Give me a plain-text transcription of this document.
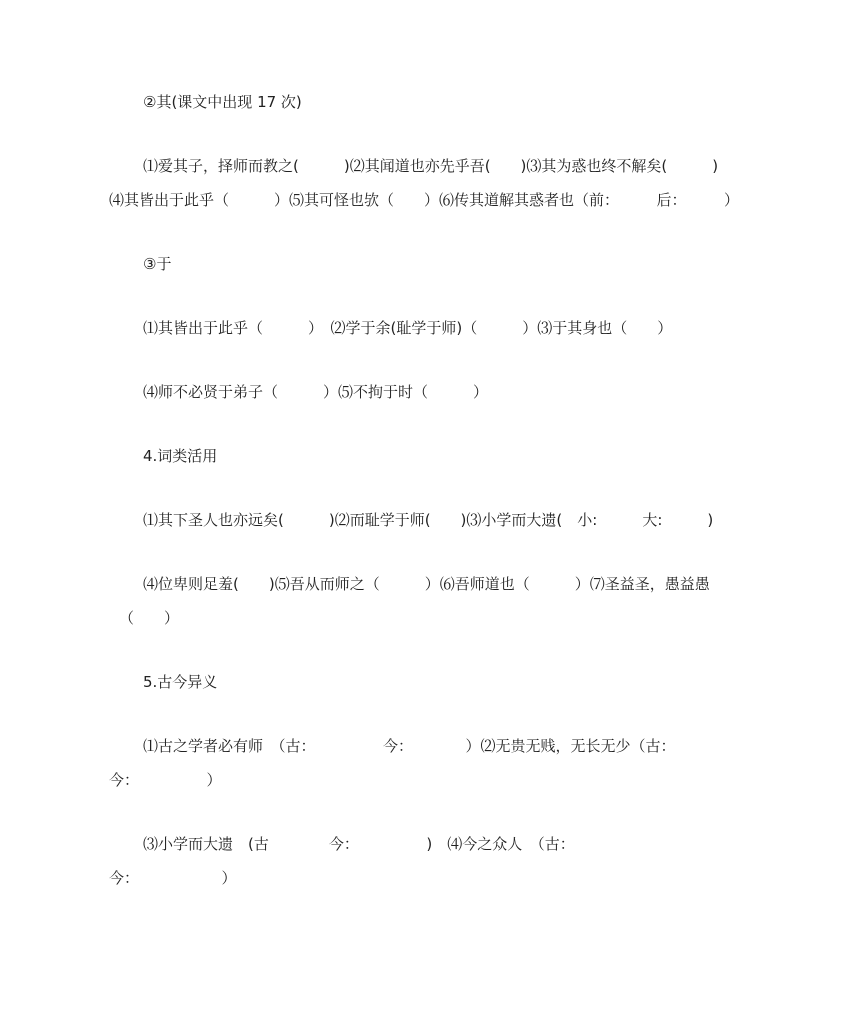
②其(课文中出现 17 次)
⑴爱其子，择师而教之(　　　)⑵其闻道也亦先乎吾(　　)⑶其为惑也终不解矣(　　　)
⑷其皆出于此乎（　　　）⑸其可怪也欤（　　）⑹传其道解其惑者也（前：　　　后：　　　）
③于
⑴其皆出于此乎（　　　）　⑵学于余(耻学于师)（　　　）⑶于其身也（　　）
⑷师不必贤于弟子（　　　）⑸不拘于时（　　　）
4.词类活用
⑴其下圣人也亦远矣(　　　)⑵而耻学于师(　　)⑶小学而大遗(　小:　　　大:　　　)
⑷位卑则足羞(　　)⑸吾从而师之（　　　）⑹吾师道也（　　　）⑺圣益圣，愚益愚
（　　）
5.古今异义
⑴古之学者必有师　（古：　　　　　今：　　　　）⑵无贵无贱，无长无少（古：
今：　　　　　）
⑶小学而大遗　(古　　　　今：　　　　　)　⑷今之众人　（古：
今：　　　　　　）
